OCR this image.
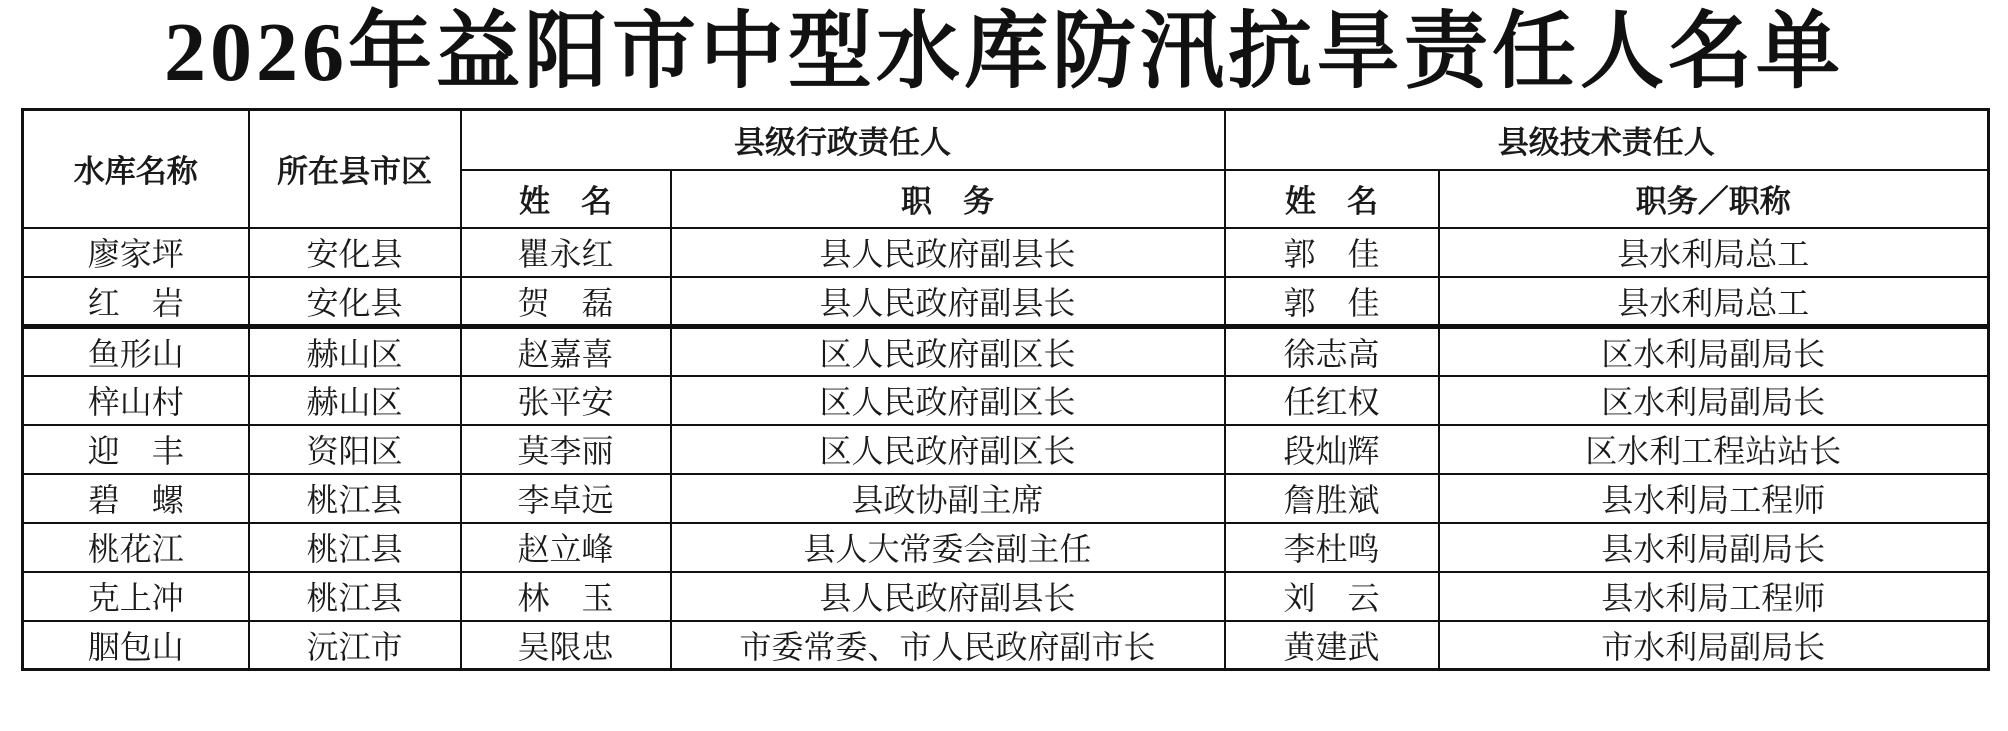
2026年益阳市中型水库防汛抗旱责任人名单
水库名称	所在县市区	县级行政责任人		县级技术责任人	
		姓　名	职　务	姓　名	职务／职称
廖家坪	安化县	瞿永红	县人民政府副县长	郭　佳	县水利局总工
红　岩	安化县	贺　磊	县人民政府副县长	郭　佳	县水利局总工
鱼形山	赫山区	赵嘉喜	区人民政府副区长	徐志高	区水利局副局长
梓山村	赫山区	张平安	区人民政府副区长	任红权	区水利局副局长
迎　丰	资阳区	莫李丽	区人民政府副区长	段灿辉	区水利工程站站长
碧　螺	桃江县	李卓远	县政协副主席	詹胜斌	县水利局工程师
桃花江	桃江县	赵立峰	县人大常委会副主任	李杜鸣	县水利局副局长
克上冲	桃江县	林　玉	县人民政府副县长	刘　云	县水利局工程师
胭包山	沅江市	吴限忠	市委常委、市人民政府副市长	黄建武	市水利局副局长
